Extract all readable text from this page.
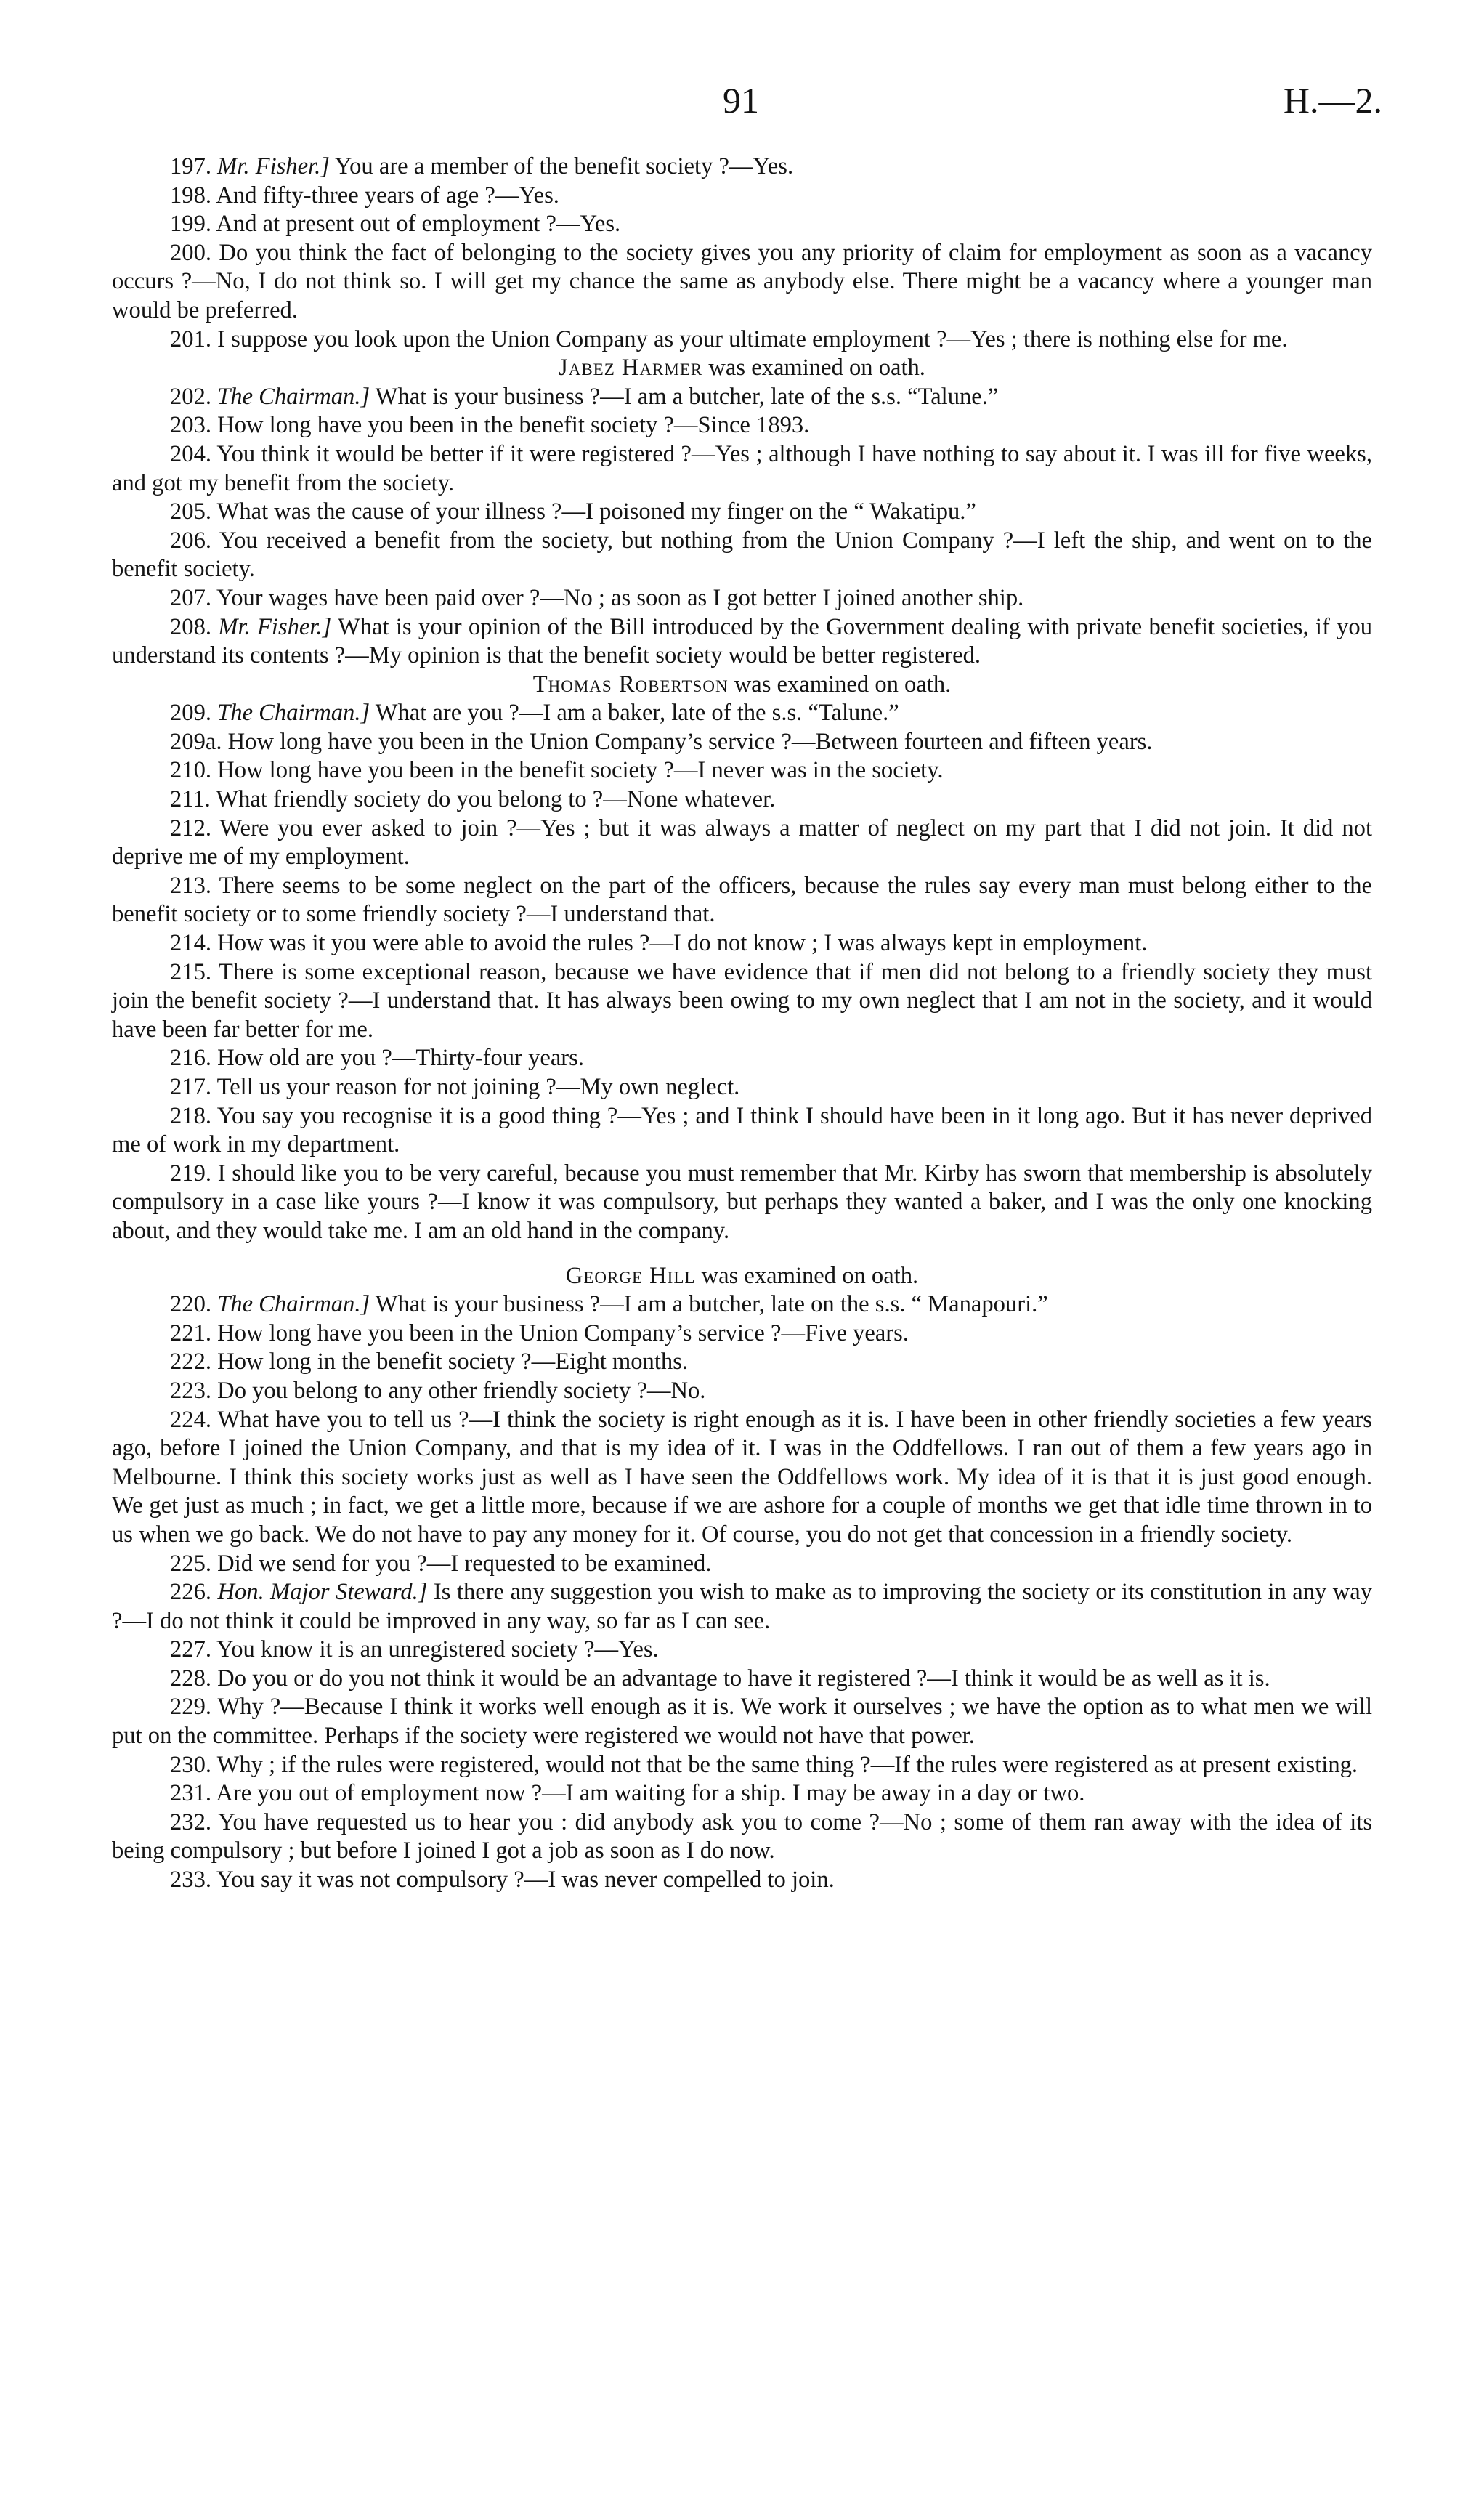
91	H.—2.

197. Mr. Fisher.] You are a member of the benefit society ?—Yes.

198. And fifty-three years of age ?—Yes.

199. And at present out of employment ?—Yes.

200. Do you think the fact of belonging to the society gives you any priority of claim for employment as soon as a vacancy occurs ?—No, I do not think so. I will get my chance the same as anybody else. There might be a vacancy where a younger man would be preferred.

201. I suppose you look upon the Union Company as your ultimate employment ?—Yes ; there is nothing else for me.

Jabez Harmer was examined on oath.

202. The Chairman.] What is your business ?—I am a butcher, late of the s.s. “Talune.”

203. How long have you been in the benefit society ?—Since 1893.

204. You think it would be better if it were registered ?—Yes ; although I have nothing to say about it. I was ill for five weeks, and got my benefit from the society.

205. What was the cause of your illness ?—I poisoned my finger on the “ Wakatipu.”

206. You received a benefit from the society, but nothing from the Union Company ?—I left the ship, and went on to the benefit society.

207. Your wages have been paid over ?—No ; as soon as I got better I joined another ship.

208. Mr. Fisher.] What is your opinion of the Bill introduced by the Government dealing with private benefit societies, if you understand its contents ?—My opinion is that the benefit society would be better registered.

Thomas Robertson was examined on oath.

209. The Chairman.] What are you ?—I am a baker, late of the s.s. “Talune.”

209a. How long have you been in the Union Company’s service ?—Between fourteen and fifteen years.

210. How long have you been in the benefit society ?—I never was in the society.

211. What friendly society do you belong to ?—None whatever.

212. Were you ever asked to join ?—Yes ; but it was always a matter of neglect on my part that I did not join. It did not deprive me of my employment.

213. There seems to be some neglect on the part of the officers, because the rules say every man must belong either to the benefit society or to some friendly society ?—I understand that.

214. How was it you were able to avoid the rules ?—I do not know ; I was always kept in employment.

215. There is some exceptional reason, because we have evidence that if men did not belong to a friendly society they must join the benefit society ?—I understand that. It has always been owing to my own neglect that I am not in the society, and it would have been far better for me.

216. How old are you ?—Thirty-four years.

217. Tell us your reason for not joining ?—My own neglect.

218. You say you recognise it is a good thing ?—Yes ; and I think I should have been in it long ago. But it has never deprived me of work in my department.

219. I should like you to be very careful, because you must remember that Mr. Kirby has sworn that membership is absolutely compulsory in a case like yours ?—I know it was compulsory, but perhaps they wanted a baker, and I was the only one knocking about, and they would take me. I am an old hand in the company.

George Hill was examined on oath.

220. The Chairman.] What is your business ?—I am a butcher, late on the s.s. “ Manapouri.”

221. How long have you been in the Union Company’s service ?—Five years.

222. How long in the benefit society ?—Eight months.

223. Do you belong to any other friendly society ?—No.

224. What have you to tell us ?—I think the society is right enough as it is. I have been in other friendly societies a few years ago, before I joined the Union Company, and that is my idea of it. I was in the Oddfellows. I ran out of them a few years ago in Melbourne. I think this society works just as well as I have seen the Oddfellows work. My idea of it is that it is just good enough. We get just as much ; in fact, we get a little more, because if we are ashore for a couple of months we get that idle time thrown in to us when we go back. We do not have to pay any money for it. Of course, you do not get that concession in a friendly society.

225. Did we send for you ?—I requested to be examined.

226. Hon. Major Steward.] Is there any suggestion you wish to make as to improving the society or its constitution in any way ?—I do not think it could be improved in any way, so far as I can see.

227. You know it is an unregistered society ?—Yes.

228. Do you or do you not think it would be an advantage to have it registered ?—I think it would be as well as it is.

229. Why ?—Because I think it works well enough as it is. We work it ourselves ; we have the option as to what men we will put on the committee. Perhaps if the society were registered we would not have that power.

230. Why ; if the rules were registered, would not that be the same thing ?—If the rules were registered as at present existing.

231. Are you out of employment now ?—I am waiting for a ship. I may be away in a day or two.

232. You have requested us to hear you : did anybody ask you to come ?—No ; some of them ran away with the idea of its being compulsory ; but before I joined I got a job as soon as I do now.

233. You say it was not compulsory ?—I was never compelled to join.
